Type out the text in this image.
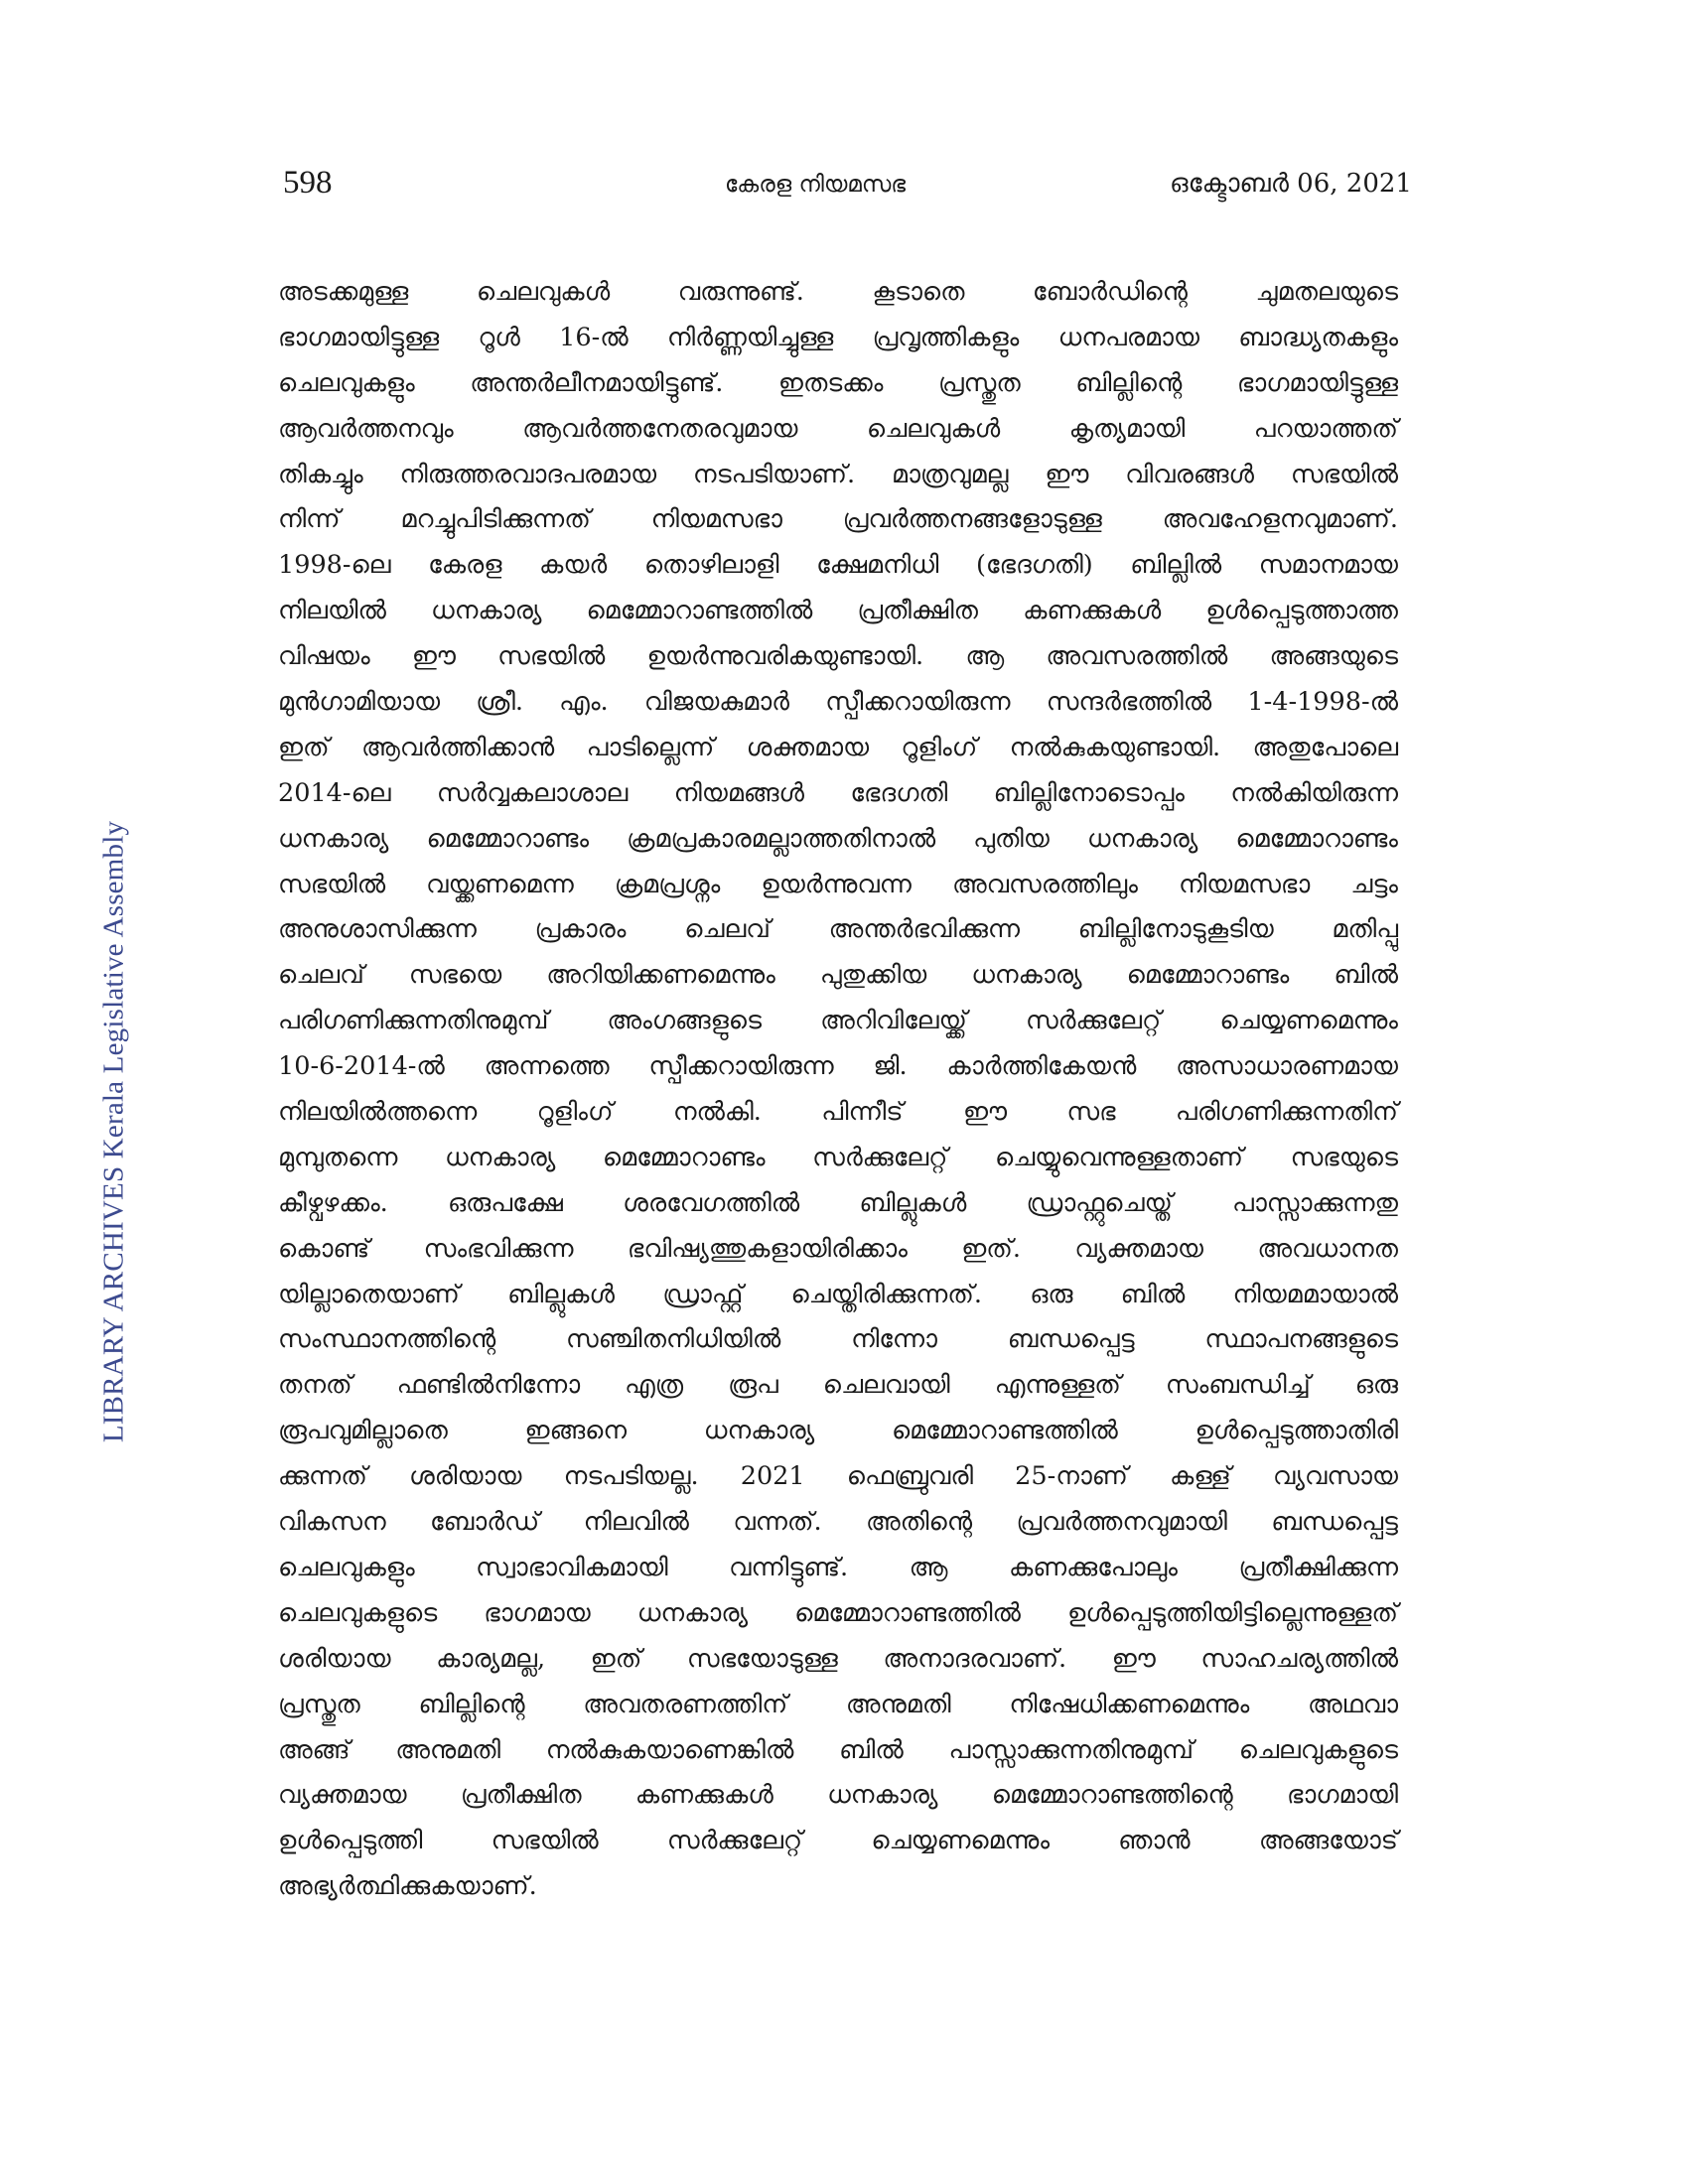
598	കേരള നിയമസഭ	ഒക്ടോബർ 06, 2021
LIBRARY ARCHIVES Kerala Legislative Assembly
അടക്കമുള്ള ചെലവുകൾ വരുന്നുണ്ട്. കൂടാതെ ബോർഡിന്റെ ചുമതലയുടെ
ഭാഗമായിട്ടുള്ള റൂൾ 16-ൽ നിർണ്ണയിച്ചുള്ള പ്രവൃത്തികളും ധനപരമായ ബാദ്ധ്യതകളും
ചെലവുകളും അന്തർലീനമായിട്ടുണ്ട്. ഇതടക്കം പ്രസ്തുത ബില്ലിന്റെ ഭാഗമായിട്ടുള്ള
ആവർത്തനവും ആവർത്തനേതരവുമായ ചെലവുകൾ കൃത്യമായി പറയാത്തത്
തികച്ചും നിരുത്തരവാദപരമായ നടപടിയാണ്. മാത്രവുമല്ല ഈ വിവരങ്ങൾ സഭയിൽ
നിന്ന് മറച്ചുപിടിക്കുന്നത് നിയമസഭാ പ്രവർത്തനങ്ങളോടുള്ള അവഹേളനവുമാണ്.
1998-ലെ കേരള കയർ തൊഴിലാളി ക്ഷേമനിധി (ഭേദഗതി) ബില്ലിൽ സമാനമായ
നിലയിൽ ധനകാര്യ മെമ്മോറാണ്ടത്തിൽ പ്രതീക്ഷിത കണക്കുകൾ ഉൾപ്പെടുത്താത്ത
വിഷയം ഈ സഭയിൽ ഉയർന്നുവരികയുണ്ടായി. ആ അവസരത്തിൽ അങ്ങയുടെ
മുൻഗാമിയായ ശ്രീ. എം. വിജയകുമാർ സ്പീക്കറായിരുന്ന സന്ദർഭത്തിൽ 1-4-1998-ൽ
ഇത് ആവർത്തിക്കാൻ പാടില്ലെന്ന് ശക്തമായ റൂളിംഗ് നൽകുകയുണ്ടായി. അതുപോലെ
2014-ലെ സർവ്വകലാശാല നിയമങ്ങൾ ഭേദഗതി ബില്ലിനോടൊപ്പം നൽകിയിരുന്ന
ധനകാര്യ മെമ്മോറാണ്ടം ക്രമപ്രകാരമല്ലാത്തതിനാൽ പുതിയ ധനകാര്യ മെമ്മോറാണ്ടം
സഭയിൽ വയ്ക്കണമെന്ന ക്രമപ്രശ്നം ഉയർന്നുവന്ന അവസരത്തിലും നിയമസഭാ ചട്ടം
അനുശാസിക്കുന്ന പ്രകാരം ചെലവ് അന്തർഭവിക്കുന്ന ബില്ലിനോടുകൂടിയ മതിപ്പു
ചെലവ് സഭയെ അറിയിക്കണമെന്നും പുതുക്കിയ ധനകാര്യ മെമ്മോറാണ്ടം ബിൽ
പരിഗണിക്കുന്നതിനുമുമ്പ് അംഗങ്ങളുടെ അറിവിലേയ്ക്ക് സർക്കുലേറ്റ് ചെയ്യണമെന്നും
10-6-2014-ൽ അന്നത്തെ സ്പീക്കറായിരുന്ന ജി. കാർത്തികേയൻ അസാധാരണമായ
നിലയിൽത്തന്നെ റൂളിംഗ് നൽകി. പിന്നീട് ഈ സഭ പരിഗണിക്കുന്നതിന്
മുമ്പുതന്നെ ധനകാര്യ മെമ്മോറാണ്ടം സർക്കുലേറ്റ് ചെയ്യുവെന്നുള്ളതാണ് സഭയുടെ
കീഴ്വഴക്കം. ഒരുപക്ഷേ ശരവേഗത്തിൽ ബില്ലുകൾ ഡ്രാഫ്റ്റുചെയ്ത് പാസ്സാക്കുന്നതു
കൊണ്ട് സംഭവിക്കുന്ന ഭവിഷ്യത്തുകളായിരിക്കാം ഇത്. വ്യക്തമായ അവധാനത
യില്ലാതെയാണ് ബില്ലുകൾ ഡ്രാഫ്റ്റ് ചെയ്തിരിക്കുന്നത്. ഒരു ബിൽ നിയമമായാൽ
സംസ്ഥാനത്തിന്റെ സഞ്ചിതനിധിയിൽ നിന്നോ ബന്ധപ്പെട്ട സ്ഥാപനങ്ങളുടെ
തനത് ഫണ്ടിൽനിന്നോ എത്ര രൂപ ചെലവായി എന്നുള്ളത് സംബന്ധിച്ച് ഒരു
രൂപവുമില്ലാതെ ഇങ്ങനെ ധനകാര്യ മെമ്മോറാണ്ടത്തിൽ ഉൾപ്പെടുത്താതിരി
ക്കുന്നത് ശരിയായ നടപടിയല്ല. 2021 ഫെബ്രുവരി 25-നാണ് കള്ള് വ്യവസായ
വികസന ബോർഡ് നിലവിൽ വന്നത്. അതിന്റെ പ്രവർത്തനവുമായി ബന്ധപ്പെട്ട
ചെലവുകളും സ്വാഭാവികമായി വന്നിട്ടുണ്ട്. ആ കണക്കുപോലും പ്രതീക്ഷിക്കുന്ന
ചെലവുകളുടെ ഭാഗമായ ധനകാര്യ മെമ്മോറാണ്ടത്തിൽ ഉൾപ്പെടുത്തിയിട്ടില്ലെന്നുള്ളത്
ശരിയായ കാര്യമല്ല, ഇത് സഭയോടുള്ള അനാദരവാണ്. ഈ സാഹചര്യത്തിൽ
പ്രസ്തുത ബില്ലിന്റെ അവതരണത്തിന് അനുമതി നിഷേധിക്കണമെന്നും അഥവാ
അങ്ങ് അനുമതി നൽകുകയാണെങ്കിൽ ബിൽ പാസ്സാക്കുന്നതിനുമുമ്പ് ചെലവുകളുടെ
വ്യക്തമായ പ്രതീക്ഷിത കണക്കുകൾ ധനകാര്യ മെമ്മോറാണ്ടത്തിന്റെ ഭാഗമായി
ഉൾപ്പെടുത്തി സഭയിൽ സർക്കുലേറ്റ് ചെയ്യണമെന്നും ഞാൻ അങ്ങയോട്
അഭ്യർത്ഥിക്കുകയാണ്.
